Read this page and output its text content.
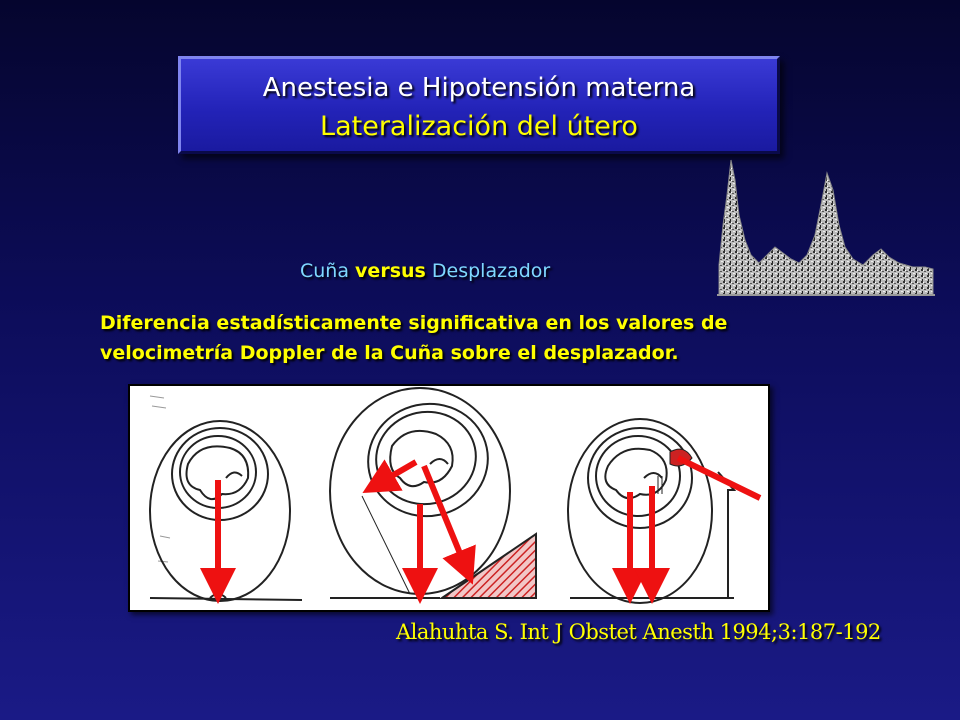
Anestesia e Hipotensión materna
Lateralización del útero
Cuña versus Desplazador
Diferencia estadísticamente significativa en los valores de
velocimetría Doppler de la Cuña sobre el desplazador.
Alahuhta S. Int J Obstet Anesth 1994;3:187-192
